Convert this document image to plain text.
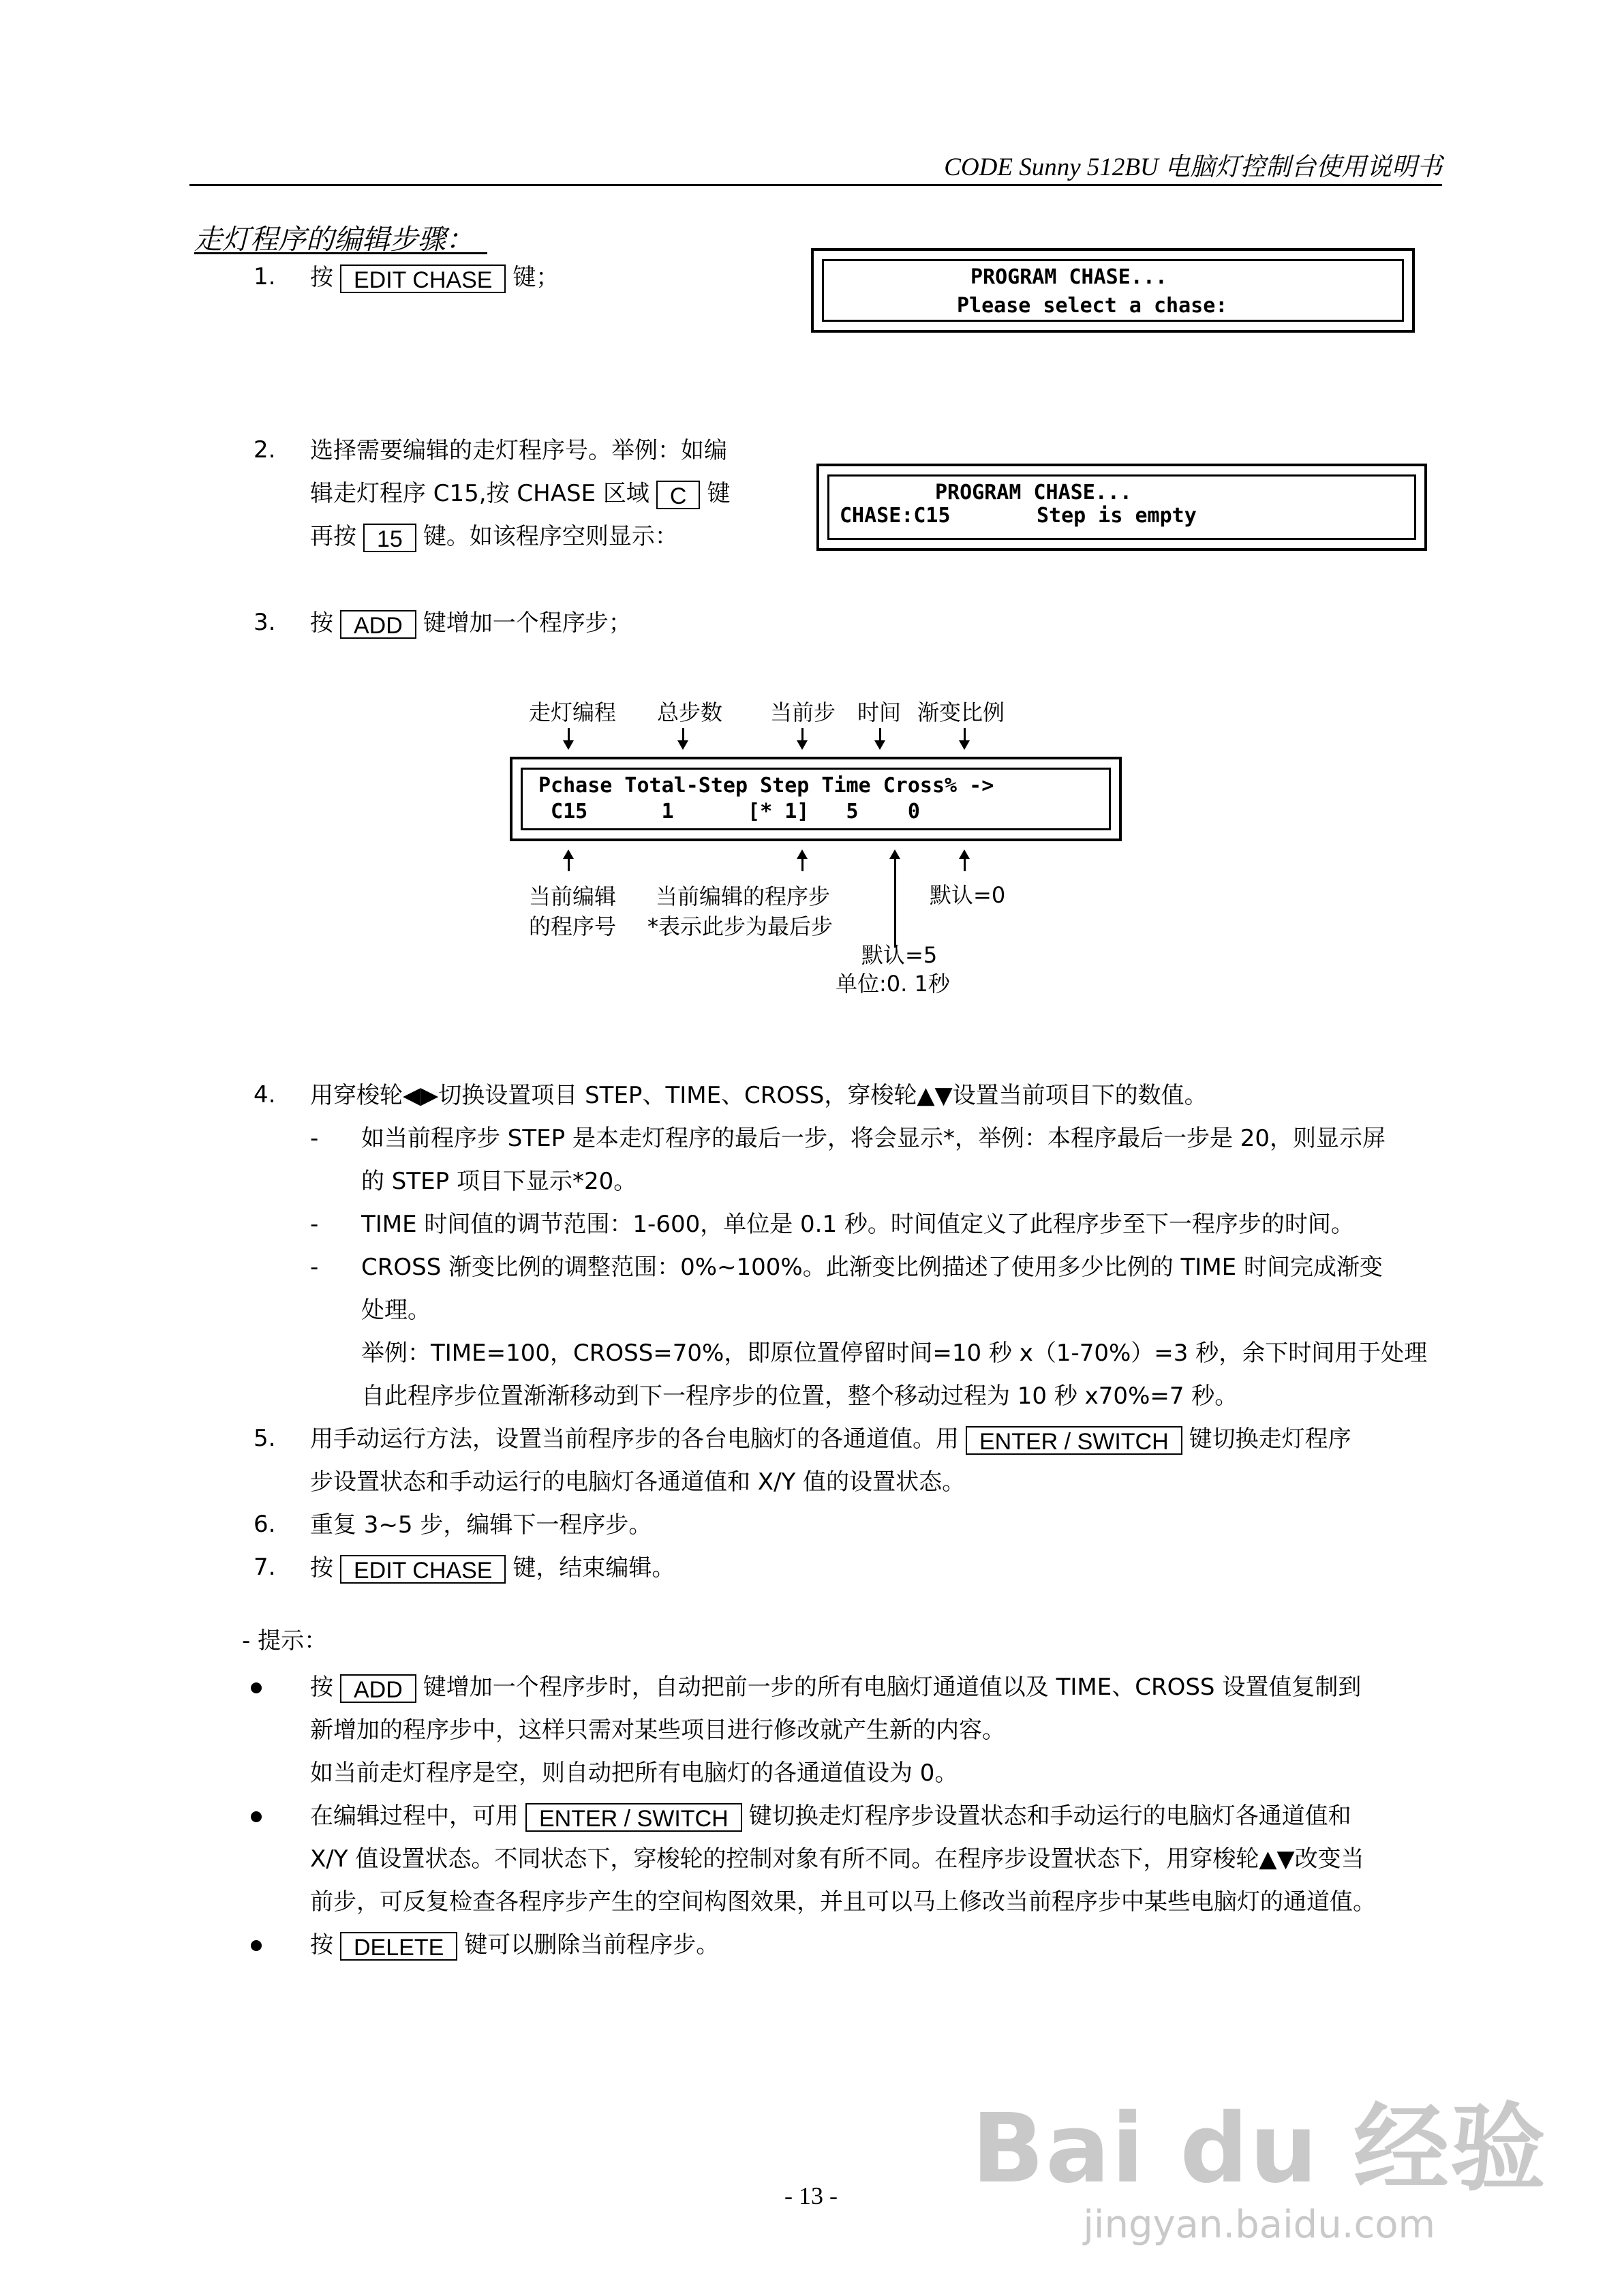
CODE Sunny 512BU 电脑灯控制台使用说明书
走灯程序的编辑步骤：
1. 按 EDIT CHASE 键；

	PROGRAM CHASE...

Please select a chase:

2. 选择需要编辑的走灯程序号。举例：如编
辑走灯程序 C15,按 CHASE 区域 C 键
再按 15 键。如该程序空则显示：

PROGRAM CHASE...

CHASE:C15       Step is empty

3. 按 ADD 键增加一个程序步；
走灯编程 总步数 当前步 时间 渐变比例

Pchase Total-Step Step Time Cross% ->

C15      1      [* 1]   5    0

当前编辑
的程序号
当前编辑的程序步
*表示此步为最后步
默认=0
默认=5
单位:0. 1秒
4. 用穿梭轮◀▶切换设置项目 STEP、TIME、CROSS，穿梭轮▲▼设置当前项目下的数值。
- 如当前程序步 STEP 是本走灯程序的最后一步，将会显示*，举例：本程序最后一步是 20，则显示屏
的 STEP 项目下显示*20。
- TIME 时间值的调节范围：1-600，单位是 0.1 秒。时间值定义了此程序步至下一程序步的时间。
- CROSS 渐变比例的调整范围：0%~100%。此渐变比例描述了使用多少比例的 TIME 时间完成渐变
处理。
举例：TIME=100，CROSS=70%，即原位置停留时间=10 秒 x（1-70%）=3 秒，余下时间用于处理
自此程序步位置渐渐移动到下一程序步的位置，整个移动过程为 10 秒 x70%=7 秒。
5. 用手动运行方法，设置当前程序步的各台电脑灯的各通道值。用 ENTER / SWITCH 键切换走灯程序
步设置状态和手动运行的电脑灯各通道值和 X/Y 值的设置状态。
6. 重复 3~5 步，编辑下一程序步。
7. 按 EDIT CHASE 键，结束编辑。
- 提示：
按 ADD 键增加一个程序步时，自动把前一步的所有电脑灯通道值以及 TIME、CROSS 设置值复制到
新增加的程序步中，这样只需对某些项目进行修改就产生新的内容。
如当前走灯程序是空，则自动把所有电脑灯的各通道值设为 0。
在编辑过程中，可用 ENTER / SWITCH 键切换走灯程序步设置状态和手动运行的电脑灯各通道值和
X/Y 值设置状态。不同状态下，穿梭轮的控制对象有所不同。在程序步设置状态下，用穿梭轮▲▼改变当
前步，可反复检查各程序步产生的空间构图效果，并且可以马上修改当前程序步中某些电脑灯的通道值。
按 DELETE 键可以删除当前程序步。
- 13 -	Bai du 经验
jingyan.baidu.com
